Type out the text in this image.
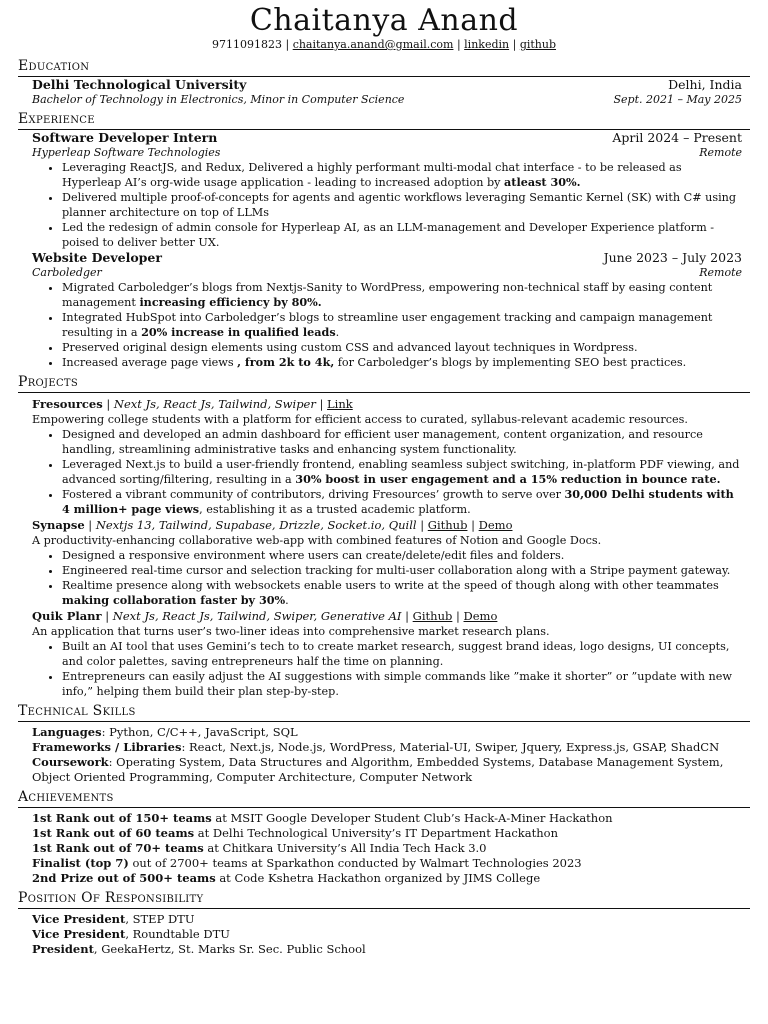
Chaitanya Anand
9711091823 | chaitanya.anand@gmail.com | linkedin | github
Education
Delhi Technological University	Delhi, India
Bachelor of Technology in Electronics, Minor in Computer Science	Sept. 2021 – May 2025
Experience
Software Developer Intern	April 2024 – Present
Hyperleap Software Technologies	Remote
• Leveraging ReactJS, and Redux, Delivered a highly performant multi-modal chat interface - to be released as Hyperleap AI’s org-wide usage application - leading to increased adoption by atleast 30%.
• Delivered multiple proof-of-concepts for agents and agentic workflows leveraging Semantic Kernel (SK) with C# using planner architecture on top of LLMs
• Led the redesign of admin console for Hyperleap AI, as an LLM-management and Developer Experience platform - poised to deliver better UX.
Website Developer	June 2023 – July 2023
Carboledger	Remote
• Migrated Carboledger’s blogs from Nextjs-Sanity to WordPress, empowering non-technical staff by easing content management increasing efficiency by 80%.
• Integrated HubSpot into Carboledger’s blogs to streamline user engagement tracking and campaign management resulting in a 20% increase in qualified leads.
• Preserved original design elements using custom CSS and advanced layout techniques in Wordpress.
• Increased average page views , from 2k to 4k, for Carboledger’s blogs by implementing SEO best practices.
Projects
Fresources | Next Js, React Js, Tailwind, Swiper | Link
Empowering college students with a platform for efficient access to curated, syllabus-relevant academic resources.
• Designed and developed an admin dashboard for efficient user management, content organization, and resource handling, streamlining administrative tasks and enhancing system functionality.
• Leveraged Next.js to build a user-friendly frontend, enabling seamless subject switching, in-platform PDF viewing, and advanced sorting/filtering, resulting in a 30% boost in user engagement and a 15% reduction in bounce rate.
• Fostered a vibrant community of contributors, driving Fresources’ growth to serve over 30,000 Delhi students with 4 million+ page views, establishing it as a trusted academic platform.
Synapse | Nextjs 13, Tailwind, Supabase, Drizzle, Socket.io, Quill | Github | Demo
A productivity-enhancing collaborative web-app with combined features of Notion and Google Docs.
• Designed a responsive environment where users can create/delete/edit files and folders.
• Engineered real-time cursor and selection tracking for multi-user collaboration along with a Stripe payment gateway.
• Realtime presence along with websockets enable users to write at the speed of though along with other teammates making collaboration faster by 30%.
Quik Planr | Next Js, React Js, Tailwind, Swiper, Generative AI | Github | Demo
An application that turns user’s two-liner ideas into comprehensive market research plans.
• Built an AI tool that uses Gemini’s tech to to create market research, suggest brand ideas, logo designs, UI concepts, and color palettes, saving entrepreneurs half the time on planning.
• Entrepreneurs can easily adjust the AI suggestions with simple commands like ”make it shorter” or ”update with new info,” helping them build their plan step-by-step.
Technical Skills
Languages: Python, C/C++, JavaScript, SQL
Frameworks / Libraries: React, Next.js, Node.js, WordPress, Material-UI, Swiper, Jquery, Express.js, GSAP, ShadCN
Coursework: Operating System, Data Structures and Algorithm, Embedded Systems, Database Management System, Object Oriented Programming, Computer Architecture, Computer Network
Achievements
1st Rank out of 150+ teams at MSIT Google Developer Student Club’s Hack-A-Miner Hackathon
1st Rank out of 60 teams at Delhi Technological University’s IT Department Hackathon
1st Rank out of 70+ teams at Chitkara University’s All India Tech Hack 3.0
Finalist (top 7) out of 2700+ teams at Sparkathon conducted by Walmart Technologies 2023
2nd Prize out of 500+ teams at Code Kshetra Hackathon organized by JIMS College
Position Of Responsibility
Vice President, STEP DTU
Vice President, Roundtable DTU
President, GeekaHertz, St. Marks Sr. Sec. Public School
